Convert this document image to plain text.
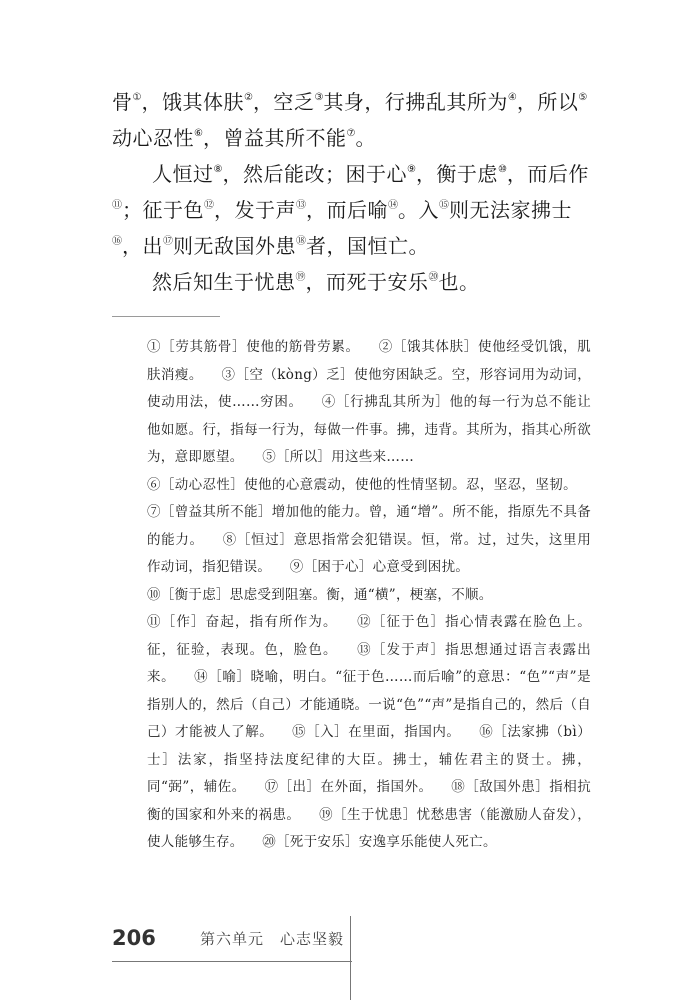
骨①，饿其体肤②，空乏③其身，行拂乱其所为④，所以⑤动心忍性⑥，曾益其所不能⑦。

人恒过⑧，然后能改；困于心⑨，衡于虑⑩，而后作⑪；征于色⑫，发于声⑬，而后喻⑭。入⑮则无法家拂士⑯，出⑰则无敌国外患⑱者，国恒亡。

然后知生于忧患⑲，而死于安乐⑳也。

①［劳其筋骨］使他的筋骨劳累。 ②［饿其体肤］使他经受饥饿，肌肤消瘦。 ③［空（kòng）乏］使他穷困缺乏。空，形容词用为动词，使动用法，使……穷困。 ④［行拂乱其所为］他的每一行为总不能让他如愿。行，指每一行为，每做一件事。拂，违背。其所为，指其心所欲为，意即愿望。 ⑤［所以］用这些来……
⑥［动心忍性］使他的心意震动，使他的性情坚韧。忍，坚忍，坚韧。 ⑦［曾益其所不能］增加他的能力。曾，通“增”。所不能，指原先不具备的能力。 ⑧［恒过］意思指常会犯错误。恒，常。过，过失，这里用作动词，指犯错误。 ⑨［困于心］心意受到困扰。
⑩［衡于虑］思虑受到阻塞。衡，通“横”，梗塞，不顺。
⑪［作］奋起，指有所作为。 ⑫［征于色］指心情表露在脸色上。征，征验，表现。色，脸色。 ⑬［发于声］指思想通过语言表露出来。 ⑭［喻］晓喻，明白。“征于色……而后喻”的意思：“色”“声”是指别人的，然后（自己）才能通晓。一说“色”“声”是指自己的，然后（自己）才能被人了解。 ⑮［入］在里面，指国内。 ⑯［法家拂（bì）士］法家，指坚持法度纪律的大臣。拂士，辅佐君主的贤士。拂，同“弼”，辅佐。 ⑰［出］在外面，指国外。 ⑱［敌国外患］指相抗衡的国家和外来的祸患。 ⑲［生于忧患］忧愁患害（能激励人奋发），使人能够生存。 ⑳［死于安乐］安逸享乐能使人死亡。
206	第六单元　心志坚毅
